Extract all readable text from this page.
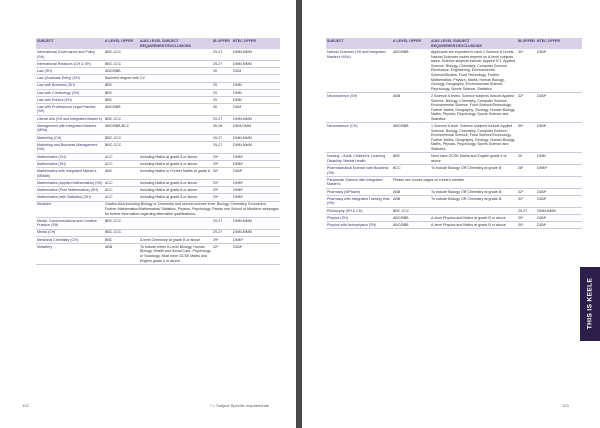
SUBJECT	A LEVEL OFFER	A/AS LEVEL SUBJECT REQUIREMENT/EXCLUSIONS	IB OFFER	BTEC OFFER
International Governance and Policy (SH)	BBC-CCC		29-27	DMM-MMM
International Relations (CH & SH)	BBC-CCC		29-27	DMM-MMM
Law (SH)	ABC/BBB		30	DDM
Law (Graduate Entry) (SH)	Bachelor degree with 2:2			
Law with Business (SH)	BBC		29	DMM
Law with Criminology (SH)	BBC		29	DMM
Law with Politics (SH)	BBC		29	DMM
Law with Professional Legal Practice (SH)	ABC/BBB		30	DDM
Liberal Arts (SH and Integrated Master's)	BBC-CCC		29-27	DMM-MMM
Management with Integrated Masters (MSci)	ABC/BBB-BCC		30-28	DDM-DMM
Marketing (CH)	BBC-CCC		29-27	DMM-MMM
Marketing and Business Management (SH)	BBC-CCC		29-27	DMM-MMM
Mathematics (CH)	ACC	Including Maths at grade A or above	29*	DMM*
Mathematics (SH)	ACC	Including Maths at grade A or above	29*	DMM*
Mathematics with Integrated Master's (MMath)	ABC	Including Maths or Further Maths at grade A	30*	DDM*
Mathematics (Applied Mathematics) (SH)	ACC	Including Maths at grade A or above	29*	DMM*
Mathematics (Pure Mathematics) (SH)	ACC	Including Maths at grade A or above	29*	DMM*
Mathematics (with Statistics) (SH)	ACC	Including Maths at grade A or above	29*	DMM*
Medicine	Grades AAA including Biology or Chemistry and second science from: Biology, Chemistry, Economics, Further Mathematics/Mathematics/ Statistics, Physics, Psychology. Please see School of Medicine webpages for further information regarding alternative qualifications.			
Media, Communications and Creative Practice (SH)	BBC-CCC		29-27	DMM-MMM
Media (CH)	BBC-CCC		29-27	DMM-MMM
Medicinal Chemistry (CH)	BBC	A level Chemistry at grade B or above	29*	DMM*
Midwifery	ABB	To include either A Level Biology, Human Biology, Health and Social Care, Psychology or Sociology. Must have GCSE Maths and English grade 4 or above	32*	DDM*
122	* = Subject Specific requirements
SUBJECT	A LEVEL OFFER	A/AS LEVEL SUBJECT REQUIREMENT/EXCLUSIONS	IB OFFER	BTEC OFFER
Natural Sciences (SH and Integrated Master's MSci)	ABC/BBB	Applicants are expected to have 2 Science A Levels. Natural Sciences routes depend on A-level subjects taken. Science subjects include: Applied ICT, Applied Science, Biology, Chemistry, Computer Science, Electronics, Engineering, Environmental Science/Studies, Food Technology, Further Mathematics, Physics, Maths, Human Biology, Geology, Geography, Environmental Science, Psychology, Sports Science, Statistics	30*	DDM*
Neuroscience (SH)	ABB	2 Science A levels. Science subjects include Applied Science, Biology, Chemistry, Computer Science, Environmental Science, Food Science/Technology, Further Maths, Geography, Geology, Human Biology, Maths, Physics, Psychology, Sports Science and Statistics	32*	DDM*
Neuroscience (CH)	ABC/BBB	1 Science A level. Science subjects include Applied Science, Biology, Chemistry, Computer Science, Environmental Science, Food Science/Technology, Further Maths, Geography, Geology, Human Biology, Maths, Physics, Psychology, Sports Science and Statistics	30*	DDM*
Nursing – Adult; Children's; Learning Disability; Mental Health	BBC	Must have GCSE Maths and English grade 4 or above	29	DMM
Pharmaceutical Science with Business (SH)	BCC	To include Biology OR Chemistry at grade B	28*	DMM*
Paramedic Science with Integrated Master's	Please see course pages on Keele's website			
Pharmacy (MPharm)	ABB	To include Biology OR Chemistry at grade B.	32*	DDM*
Pharmacy with Integrated Training Year (SH)	ABB	To include Biology OR Chemistry at grade B.	32*	DDM*
Philosophy (SH & CH)	BBC-CCC		29-27	DMM-MMM
Physics (SH)	ABC/BBB	A-level Physics and Maths at grade B or above	30*	DDM*
Physics with Astrophysics (SH)	ABC/BBB	A-level Physics and Maths at grade B or above	30*	DDM*
123
THIS IS KEELE
